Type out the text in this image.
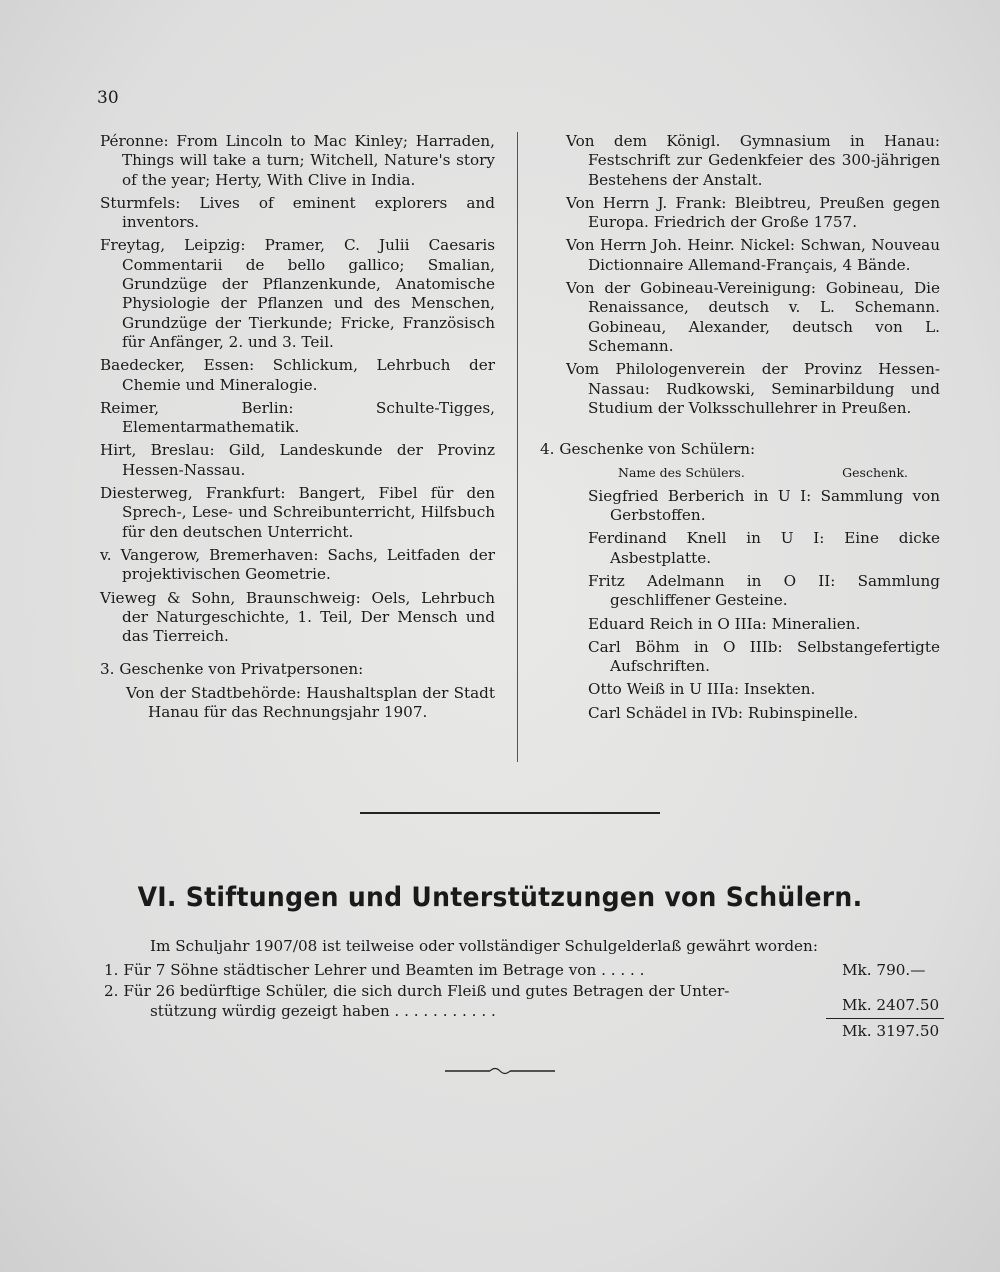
30

Péronne: From Lincoln to Mac Kinley; Harraden, Things will take a turn; Witchell, Nature's story of the year; Herty, With Clive in India.

Sturmfels: Lives of eminent explorers and inventors.

Freytag, Leipzig: Pramer, C. Julii Caesaris Commentarii de bello gallico; Smalian, Grundzüge der Pflanzenkunde, Anatomische Physiologie der Pflanzen und des Menschen, Grundzüge der Tierkunde; Fricke, Französisch für Anfänger, 2. und 3. Teil.

Baedecker, Essen: Schlickum, Lehrbuch der Chemie und Mineralogie.

Reimer, Berlin: Schulte-Tigges, Elementarmathematik.

Hirt, Breslau: Gild, Landeskunde der Provinz Hessen-Nassau.

Diesterweg, Frankfurt: Bangert, Fibel für den Sprech-, Lese- und Schreibunterricht, Hilfsbuch für den deutschen Unterricht.

v. Vangerow, Bremerhaven: Sachs, Leitfaden der projektivischen Geometrie.

Vieweg & Sohn, Braunschweig: Oels, Lehrbuch der Naturgeschichte, 1. Teil, Der Mensch und das Tierreich.

3. Geschenke von Privatpersonen:

Von der Stadtbehörde: Haushaltsplan der Stadt Hanau für das Rechnungsjahr 1907.

Von dem Königl. Gymnasium in Hanau: Festschrift zur Gedenkfeier des 300-jährigen Bestehens der Anstalt.

Von Herrn J. Frank: Bleibtreu, Preußen gegen Europa. Friedrich der Große 1757.

Von Herrn Joh. Heinr. Nickel: Schwan, Nouveau Dictionnaire Allemand-Français, 4 Bände.

Von der Gobineau-Vereinigung: Gobineau, Die Renaissance, deutsch v. L. Schemann. Gobineau, Alexander, deutsch von L. Schemann.

Vom Philologenverein der Provinz Hessen-Nassau: Rudkowski, Seminarbildung und Studium der Volksschullehrer in Preußen.

4. Geschenke von Schülern:

Name des Schülers.	Geschenk.

Siegfried Berberich in U I: Sammlung von Gerbstoffen.

Ferdinand Knell in U I: Eine dicke Asbestplatte.

Fritz Adelmann in O II: Sammlung geschliffener Gesteine.

Eduard Reich in O IIIa: Mineralien.

Carl Böhm in O IIIb: Selbstangefertigte Aufschriften.

Otto Weiß in U IIIa: Insekten.

Carl Schädel in IVb: Rubinspinelle.

VI. Stiftungen und Unterstützungen von Schülern.
Im Schuljahr 1907/08 ist teilweise oder vollständiger Schulgelderlaß gewährt worden:
1. Für 7 Söhne städtischer Lehrer und Beamten im Betrage von . . . . .	Mk. 790.—
2. Für 26 bedürftige Schüler, die sich durch Fleiß und gutes Betragen der Unter-
stützung würdig gezeigt haben . . . . . . . . . . .	Mk. 2407.50
Mk. 3197.50
